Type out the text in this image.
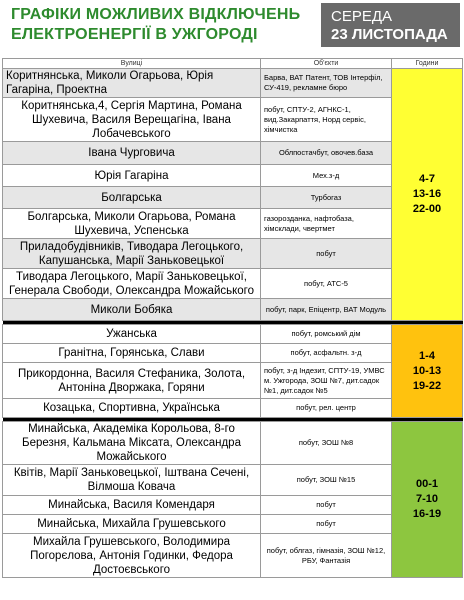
ГРАФІКИ МОЖЛИВИХ ВІДКЛЮЧЕНЬ
ЕЛЕКТРОЕНЕРГІЇ В УЖГОРОДІ
СЕРЕДА
23 ЛИСТОПАДА
Вулиці	Об'єкти	Години
Коритнянська, Миколи Огарьова, Юрія Гагаріна, Проектна	Барва, ВАТ Патент, ТОВ Інтерфіл, СУ-419, рекламне бюро	4-7
13-16
22-00

Коритнянська,4, Сергія Мартина, Романа Шухевича, Василя Верещагіна, Івана Лобачевського	побут, СПТУ-2, АГНКС-1, вид.Закарпаття, Норд сервіс, хімчистка	
Івана Чурговича	Облпостачбут, овочев.база	
Юрія Гагаріна	Мех.з-д	
Болгарська	Турбогаз	
Болгарська, Миколи Огарьова, Романа Шухевича, Успенська	газорозданка, нафтобаза, хімсклади, чвертмет	
Приладобудівників, Тиводара Легоцького, Капушанська, Марії Заньковецької	побут	
Тиводара Легоцького, Марії Заньковецької, Генерала Свободи, Олександра Можайського	побут, АТС-5	
Миколи Бобяка	побут, парк, Епіцентр, ВАТ Модуль	

Ужанська	побут, ромський дім	1-4
10-13
19-22

Гранітна, Горянська, Слави	побут, асфальтн. з-д	
Прикордонна, Василя Стефаника, Золота, Антоніна Дворжака, Горяни	побут, з-д Індезит, СПТУ-19, УМВС м. Ужгорода, ЗОШ №7, дит.садок №1, дит.садок №5	
Козацька, Спортивна, Українська	побут, рел. центр	

Минайська, Академіка Корольова, 8-го Березня, Кальмана Міксата, Олександра Можайського	побут, ЗОШ №8	00-1
7-10
16-19

Квітів, Марії Заньковецької, Іштвана Сечені, Вілмоша Ковача	побут, ЗОШ №15	
Минайська, Василя Комендаря	побут	
Минайська, Михайла Грушевського	побут	
Михайла Грушевського, Володимира Погорєлова, Антонія Годинки, Федора Достоєвського	побут, облгаз, гімназія, ЗОШ №12, РБУ, Фантазія	
